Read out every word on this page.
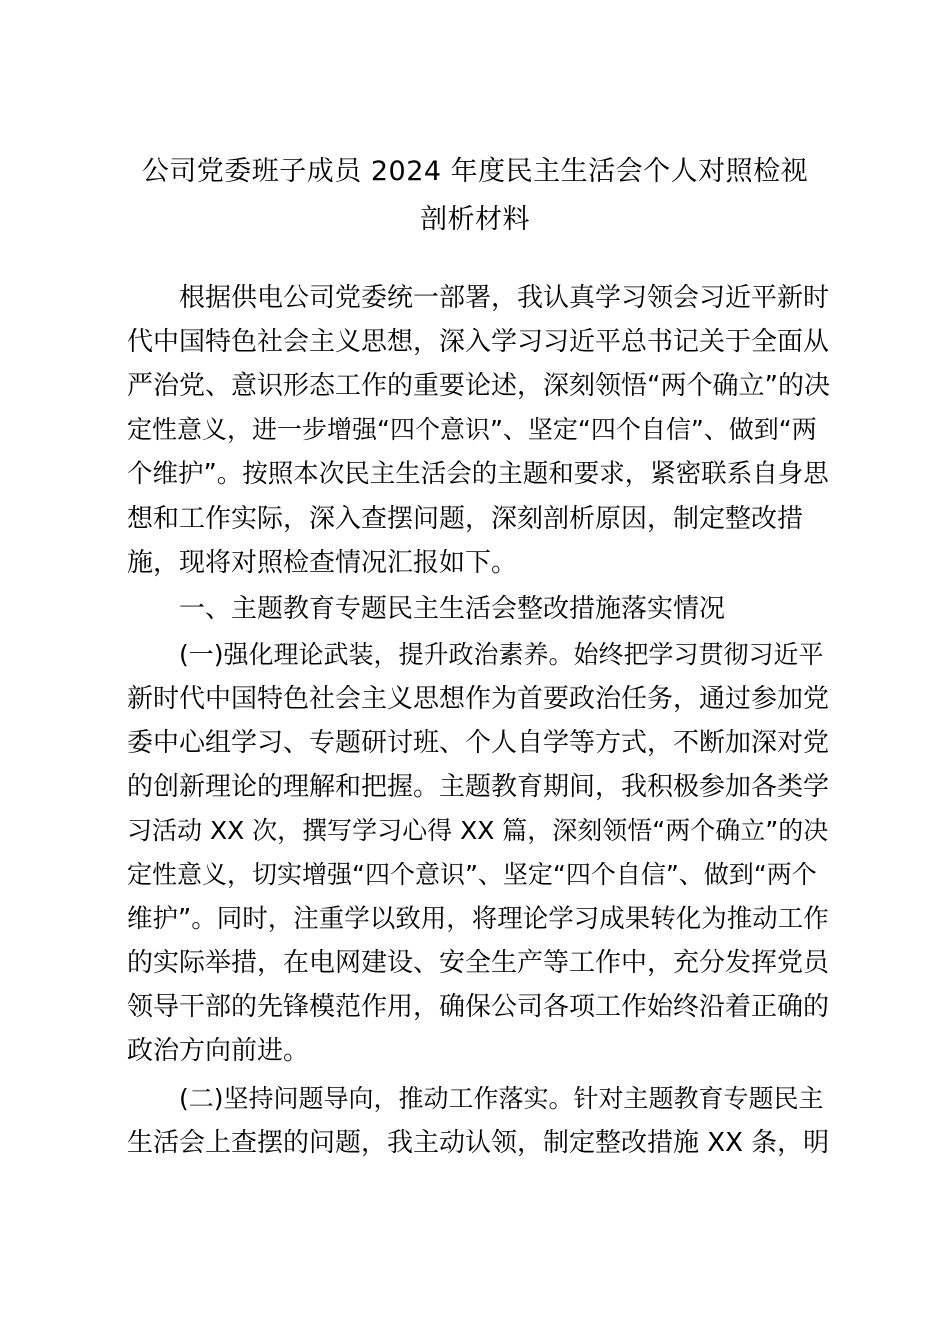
公司党委班子成员 2024 年度民主生活会个人对照检视
剖析材料
根据供电公司党委统一部署，我认真学习领会习近平新时
代中国特色社会主义思想，深入学习习近平总书记关于全面从
严治党、意识形态工作的重要论述，深刻领悟“两个确立”的决
定性意义，进一步增强“四个意识”、坚定“四个自信”、做到“两
个维护”。按照本次民主生活会的主题和要求，紧密联系自身思
想和工作实际，深入查摆问题，深刻剖析原因，制定整改措
施，现将对照检查情况汇报如下。
一、主题教育专题民主生活会整改措施落实情况
(一)强化理论武装，提升政治素养。始终把学习贯彻习近平
新时代中国特色社会主义思想作为首要政治任务，通过参加党
委中心组学习、专题研讨班、个人自学等方式，不断加深对党
的创新理论的理解和把握。主题教育期间，我积极参加各类学
习活动 XX 次，撰写学习心得 XX 篇，深刻领悟“两个确立”的决
定性意义，切实增强“四个意识”、坚定“四个自信”、做到“两个
维护”。同时，注重学以致用，将理论学习成果转化为推动工作
的实际举措，在电网建设、安全生产等工作中，充分发挥党员
领导干部的先锋模范作用，确保公司各项工作始终沿着正确的
政治方向前进。
(二)坚持问题导向，推动工作落实。针对主题教育专题民主
生活会上查摆的问题，我主动认领，制定整改措施 XX 条，明
